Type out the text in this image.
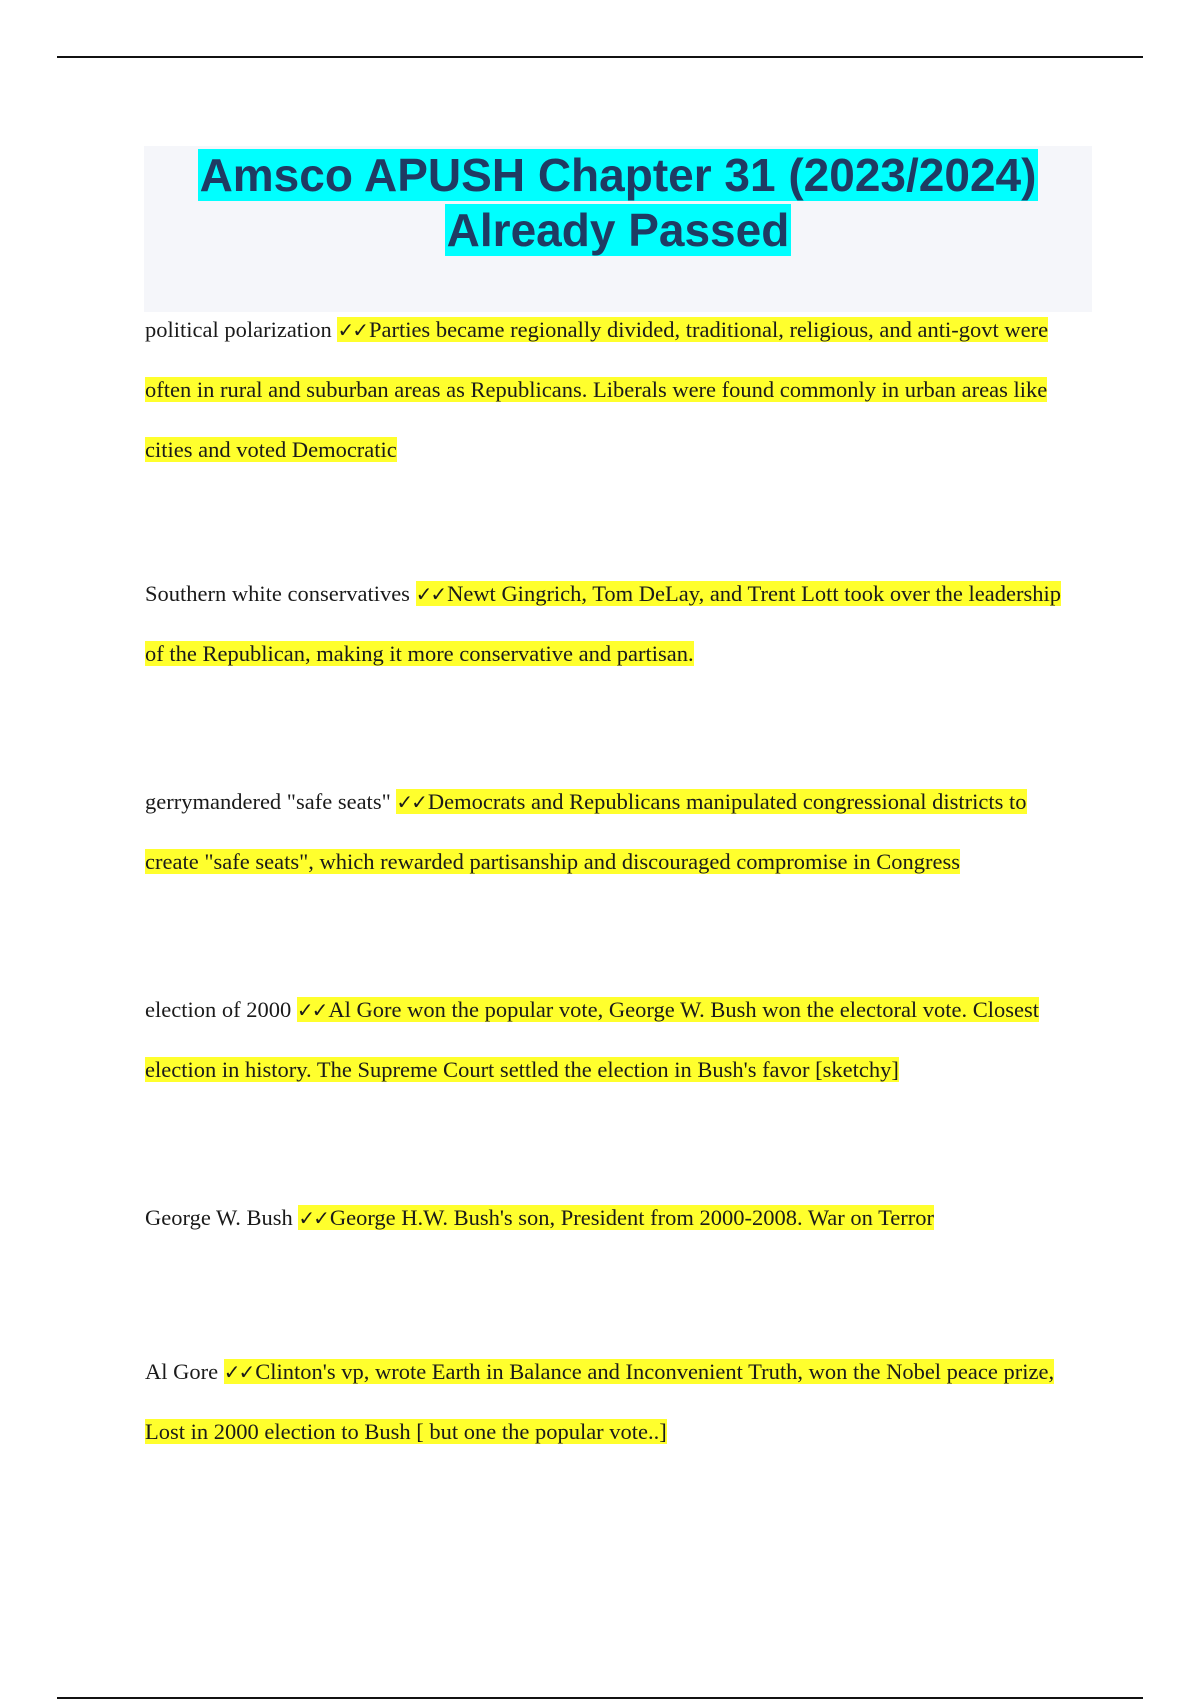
Amsco APUSH Chapter 31 (2023/2024)
Already Passed

political polarization ✓✓Parties became regionally divided, traditional, religious, and anti-govt were often in rural and suburban areas as Republicans. Liberals were found commonly in urban areas like cities and voted Democratic

Southern white conservatives ✓✓Newt Gingrich, Tom DeLay, and Trent Lott took over the leadership of the Republican, making it more conservative and partisan.

gerrymandered "safe seats" ✓✓Democrats and Republicans manipulated congressional districts to create "safe seats", which rewarded partisanship and discouraged compromise in Congress

election of 2000 ✓✓Al Gore won the popular vote, George W. Bush won the electoral vote. Closest election in history. The Supreme Court settled the election in Bush's favor [sketchy]

George W. Bush ✓✓George H.W. Bush's son, President from 2000-2008. War on Terror

Al Gore ✓✓Clinton's vp, wrote Earth in Balance and Inconvenient Truth, won the Nobel peace prize, Lost in 2000 election to Bush [ but one the popular vote..]
